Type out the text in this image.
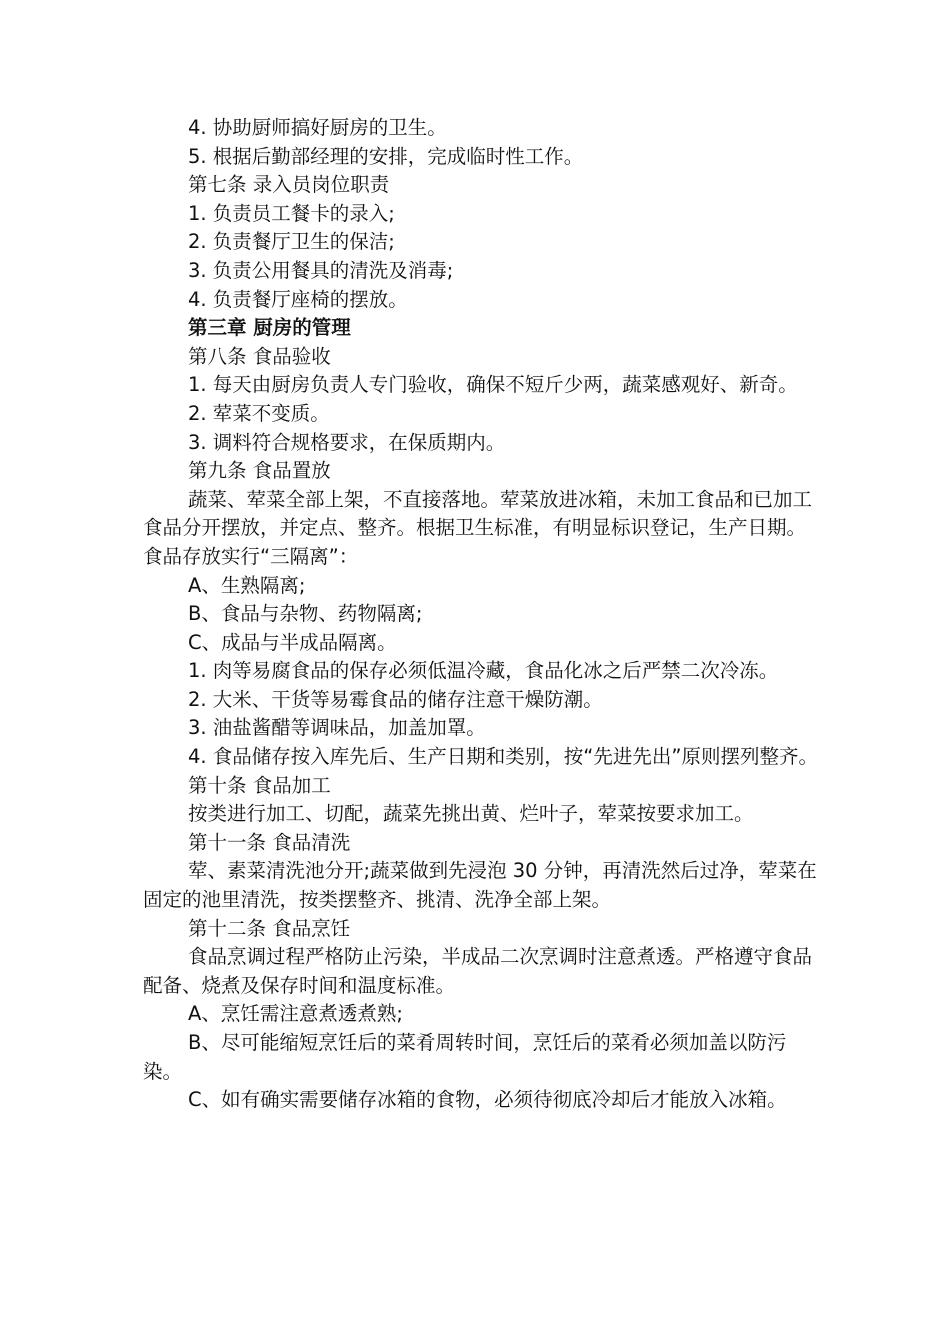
4. 协助厨师搞好厨房的卫生。

5. 根据后勤部经理的安排，完成临时性工作。

第七条 录入员岗位职责

1. 负责员工餐卡的录入;

2. 负责餐厅卫生的保洁;

3. 负责公用餐具的清洗及消毒;

4. 负责餐厅座椅的摆放。

第三章 厨房的管理

第八条 食品验收

1. 每天由厨房负责人专门验收，确保不短斤少两，蔬菜感观好、新奇。

2. 荤菜不变质。

3. 调料符合规格要求，在保质期内。

第九条 食品置放

蔬菜、荤菜全部上架，不直接落地。荤菜放进冰箱，未加工食品和已加工食品分开摆放，并定点、整齐。根据卫生标准，有明显标识登记，生产日期。食品存放实行“三隔离”：

A、生熟隔离;

B、食品与杂物、药物隔离;

C、成品与半成品隔离。

1. 肉等易腐食品的保存必须低温冷藏，食品化冰之后严禁二次冷冻。

2. 大米、干货等易霉食品的储存注意干燥防潮。

3. 油盐酱醋等调味品，加盖加罩。

4. 食品储存按入库先后、生产日期和类别，按“先进先出”原则摆列整齐。

第十条 食品加工

按类进行加工、切配，蔬菜先挑出黄、烂叶子，荤菜按要求加工。

第十一条 食品清洗

荤、素菜清洗池分开;蔬菜做到先浸泡 30 分钟，再清洗然后过净，荤菜在固定的池里清洗，按类摆整齐、挑清、洗净全部上架。

第十二条 食品烹饪

食品烹调过程严格防止污染，半成品二次烹调时注意煮透。严格遵守食品配备、烧煮及保存时间和温度标准。

A、烹饪需注意煮透煮熟;

B、尽可能缩短烹饪后的菜肴周转时间，烹饪后的菜肴必须加盖以防污染。

C、如有确实需要储存冰箱的食物，必须待彻底冷却后才能放入冰箱。
